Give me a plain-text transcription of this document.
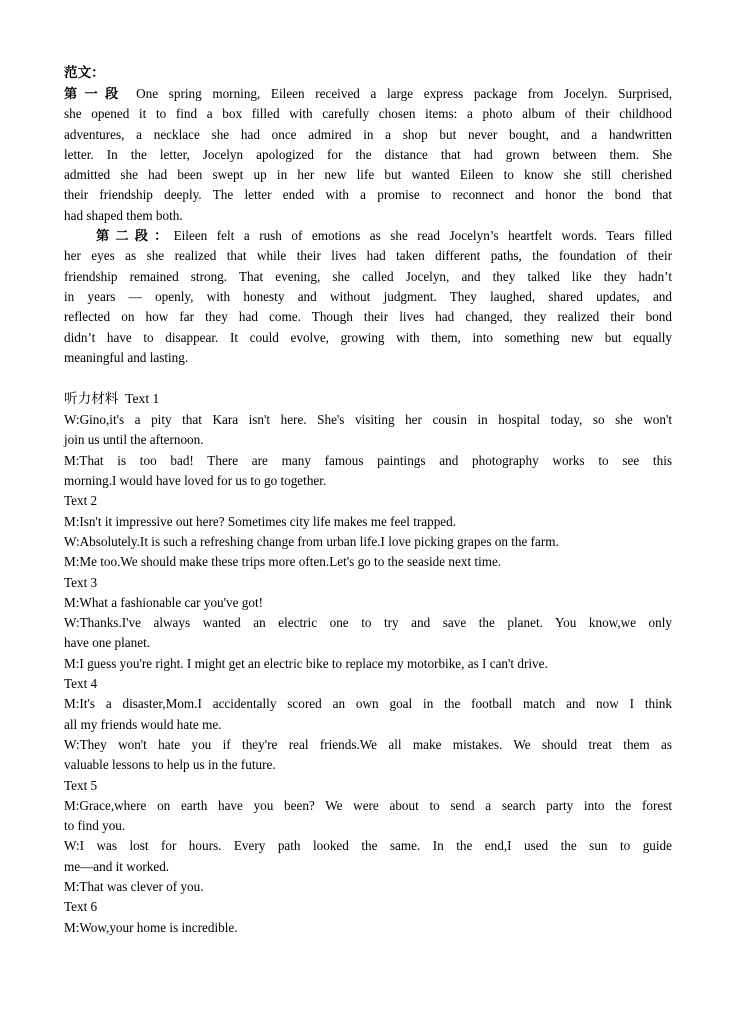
范文：
第一段 One spring morning, Eileen received a large express package from Jocelyn. Surprised,
she opened it to find a box filled with carefully chosen items: a photo album of their childhood
adventures, a necklace she had once admired in a shop but never bought, and a handwritten
letter. In the letter, Jocelyn apologized for the distance that had grown between them. She
admitted she had been swept up in her new life but wanted Eileen to know she still cherished
their friendship deeply. The letter ended with a promise to reconnect and honor the bond that
had shaped them both.
第二段：Eileen felt a rush of emotions as she read Jocelyn’s heartfelt words. Tears filled
her eyes as she realized that while their lives had taken different paths, the foundation of their
friendship remained strong. That evening, she called Jocelyn, and they talked like they hadn’t
in years — openly, with honesty and without judgment. They laughed, shared updates, and
reflected on how far they had come. Though their lives had changed, they realized their bond
didn’t have to disappear. It could evolve, growing with them, into something new but equally
meaningful and lasting.
听力材料 Text 1
W:Gino,it's a pity that Kara isn't here. She's visiting her cousin in hospital today, so she won't
join us until the afternoon.
M:That is too bad! There are many famous paintings and photography works to see this
morning.I would have loved for us to go together.
Text 2
M:Isn't it impressive out here? Sometimes city life makes me feel trapped.
W:Absolutely.It is such a refreshing change from urban life.I love picking grapes on the farm.
M:Me too.We should make these trips more often.Let's go to the seaside next time.
Text 3
M:What a fashionable car you've got!
W:Thanks.I've always wanted an electric one to try and save the planet. You know,we only
have one planet.
M:I guess you're right. I might get an electric bike to replace my motorbike, as I can't drive.
Text 4
M:It's a disaster,Mom.I accidentally scored an own goal in the football match and now I think
all my friends would hate me.
W:They won't hate you if they're real friends.We all make mistakes. We should treat them as
valuable lessons to help us in the future.
Text 5
M:Grace,where on earth have you been? We were about to send a search party into the forest
to find you.
W:I was lost for hours. Every path looked the same. In the end,I used the sun to guide
me—and it worked.
M:That was clever of you.
Text 6
M:Wow,your home is incredible.
